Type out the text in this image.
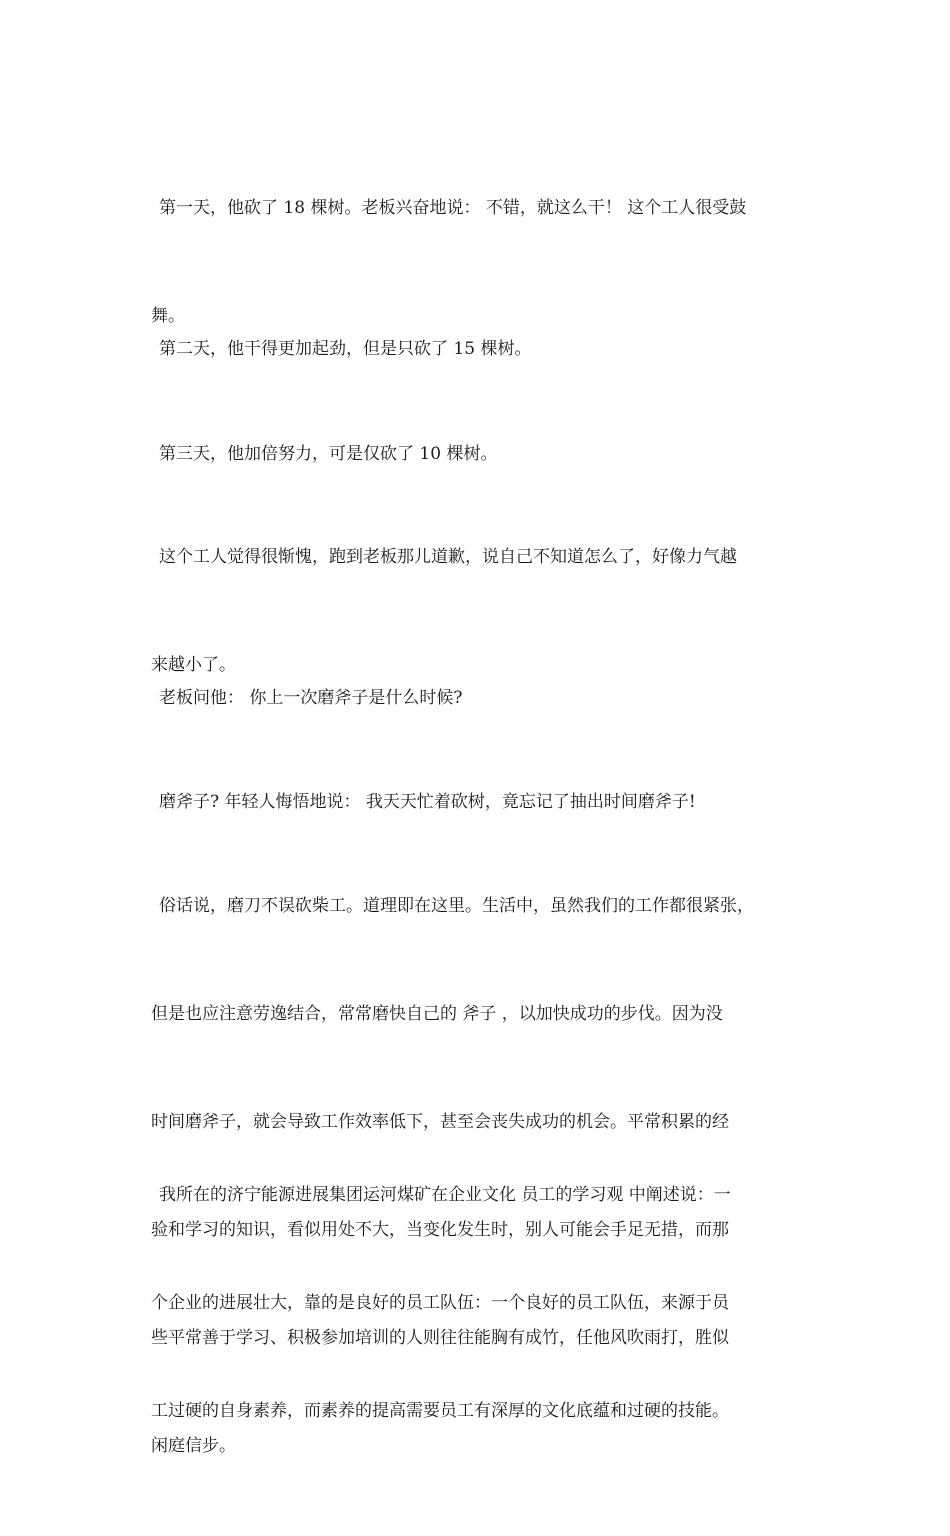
第一天，他砍了 18 棵树。老板兴奋地说： 不错，就这么干！ 这个工人很受鼓

舞。

第二天，他干得更加起劲，但是只砍了 15 棵树。

第三天，他加倍努力，可是仅砍了 10 棵树。

这个工人觉得很惭愧，跑到老板那儿道歉，说自己不知道怎么了，好像力气越

来越小了。

老板问他： 你上一次磨斧子是什么时候?

磨斧子? 年轻人悔悟地说： 我天天忙着砍树，竟忘记了抽出时间磨斧子!

俗话说，磨刀不误砍柴工。道理即在这里。生活中，虽然我们的工作都很紧张，

但是也应注意劳逸结合，常常磨快自己的 斧子 ，以加快成功的步伐。因为没

时间磨斧子，就会导致工作效率低下，甚至会丧失成功的机会。平常积累的经

验和学习的知识，看似用处不大，当变化发生时，别人可能会手足无措，而那

些平常善于学习、积极参加培训的人则往往能胸有成竹，任他风吹雨打，胜似

闲庭信步。

我所在的济宁能源进展集团运河煤矿在企业文化 员工的学习观 中阐述说：一

个企业的进展壮大，靠的是良好的员工队伍：一个良好的员工队伍，来源于员

工过硬的自身素养，而素养的提高需要员工有深厚的文化底蕴和过硬的技能。
